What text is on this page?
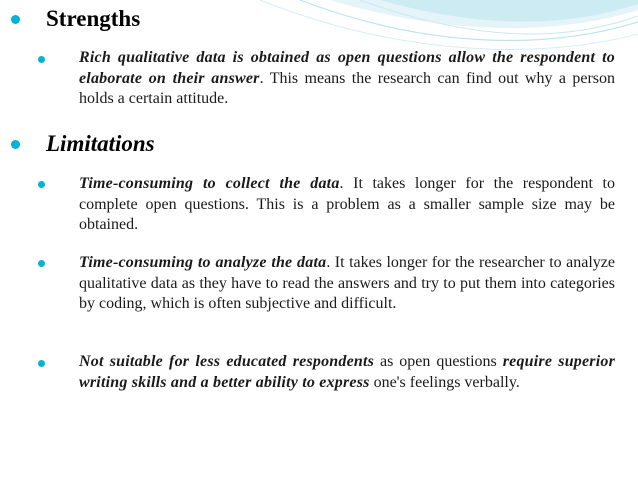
Strengths
Rich qualitative data is obtained as open questions allow the respondent to elaborate on their answer. This means the research can find out why a person holds a certain attitude.
Limitations
Time-consuming to collect the data. It takes longer for the respondent to complete open questions. This is a problem as a smaller sample size may be obtained.
Time-consuming to analyze the data. It takes longer for the researcher to analyze qualitative data as they have to read the answers and try to put them into categories by coding, which is often subjective and difficult.
Not suitable for less educated respondents as open questions require superior writing skills and a better ability to express one's feelings verbally.
